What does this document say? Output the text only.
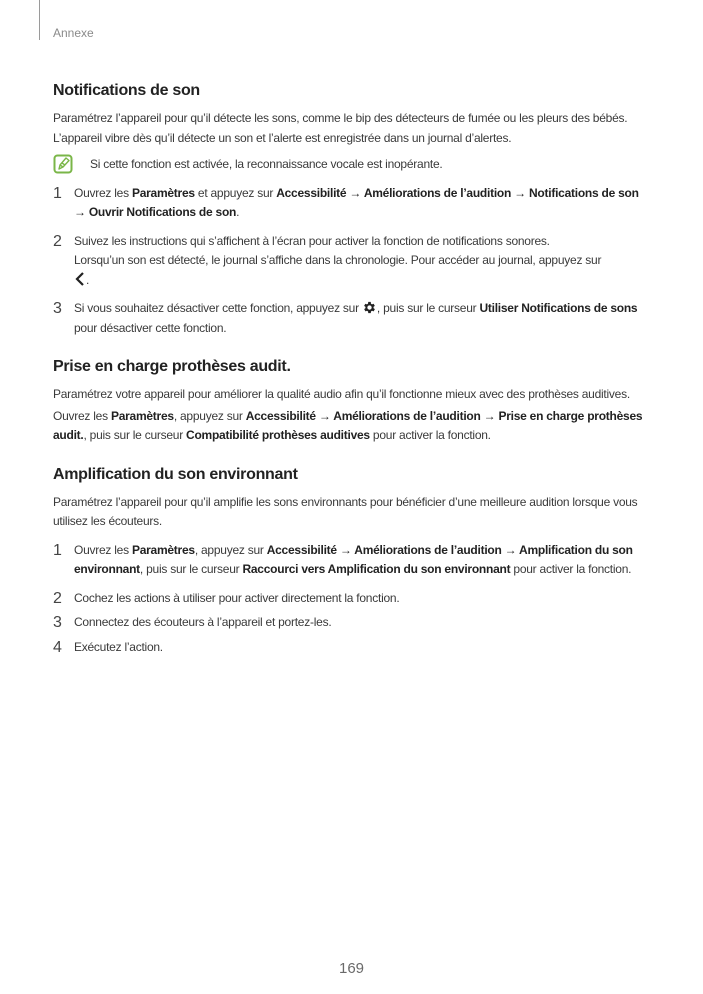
Annexe
Notifications de son

Paramétrez l’appareil pour qu’il détecte les sons, comme le bip des détecteurs de fumée ou les pleurs des bébés. L’appareil vibre dès qu’il détecte un son et l’alerte est enregistrée dans un journal d’alertes.

Si cette fonction est activée, la reconnaissance vocale est inopérante.

1	Ouvrez les Paramètres et appuyez sur Accessibilité → Améliorations de l’audition → Notifications de son → Ouvrir Notifications de son.

2	Suivez les instructions qui s’affichent à l’écran pour activer la fonction de notifications sonores.

Lorsqu’un son est détecté, le journal s’affiche dans la chronologie. Pour accéder au journal, appuyez sur
.

3	Si vous souhaitez désactiver cette fonction, appuyez sur , puis sur le curseur Utiliser Notifications de sons pour désactiver cette fonction.

Prise en charge prothèses audit.

Paramétrez votre appareil pour améliorer la qualité audio afin qu’il fonctionne mieux avec des prothèses auditives.

Ouvrez les Paramètres, appuyez sur Accessibilité → Améliorations de l’audition → Prise en charge prothèses audit., puis sur le curseur Compatibilité prothèses auditives pour activer la fonction.

Amplification du son environnant

Paramétrez l’appareil pour qu’il amplifie les sons environnants pour bénéficier d’une meilleure audition lorsque vous utilisez les écouteurs.

1	Ouvrez les Paramètres, appuyez sur Accessibilité → Améliorations de l’audition → Amplification du son environnant, puis sur le curseur Raccourci vers Amplification du son environnant pour activer la fonction.

2	Cochez les actions à utiliser pour activer directement la fonction.

3	Connectez des écouteurs à l’appareil et portez-les.

4	Exécutez l’action.

169
